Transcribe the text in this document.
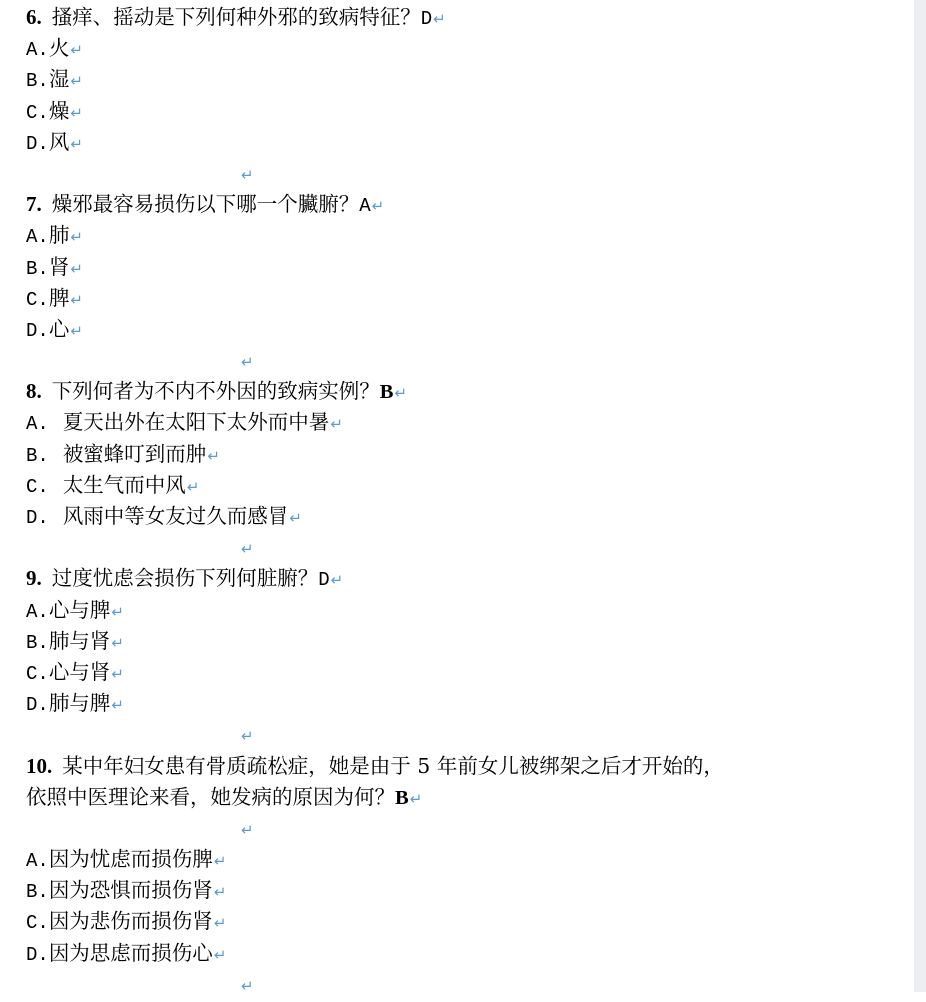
6. 搔痒、摇动是下列何种外邪的致病特征？D↵
A.火↵
B.湿↵
C.燥↵
D.风↵
↵
7. 燥邪最容易损伤以下哪一个臟腑？A↵
A.肺↵
B.肾↵
C.脾↵
D.心↵
↵
8. 下列何者为不内不外因的致病实例？B↵
A. 夏天出外在太阳下太外而中暑↵
B. 被蜜蜂叮到而肿↵
C. 太生气而中风↵
D. 风雨中等女友过久而感冒↵
↵
9. 过度忧虑会损伤下列何脏腑？D↵
A.心与脾↵
B.肺与肾↵
C.心与肾↵
D.肺与脾↵
↵
10. 某中年妇女患有骨质疏松症，她是由于 5 年前女儿被绑架之后才开始的，
依照中医理论来看，她发病的原因为何？B↵
↵
A.因为忧虑而损伤脾↵
B.因为恐惧而损伤肾↵
C.因为悲伤而损伤肾↵
D.因为思虑而损伤心↵
↵
